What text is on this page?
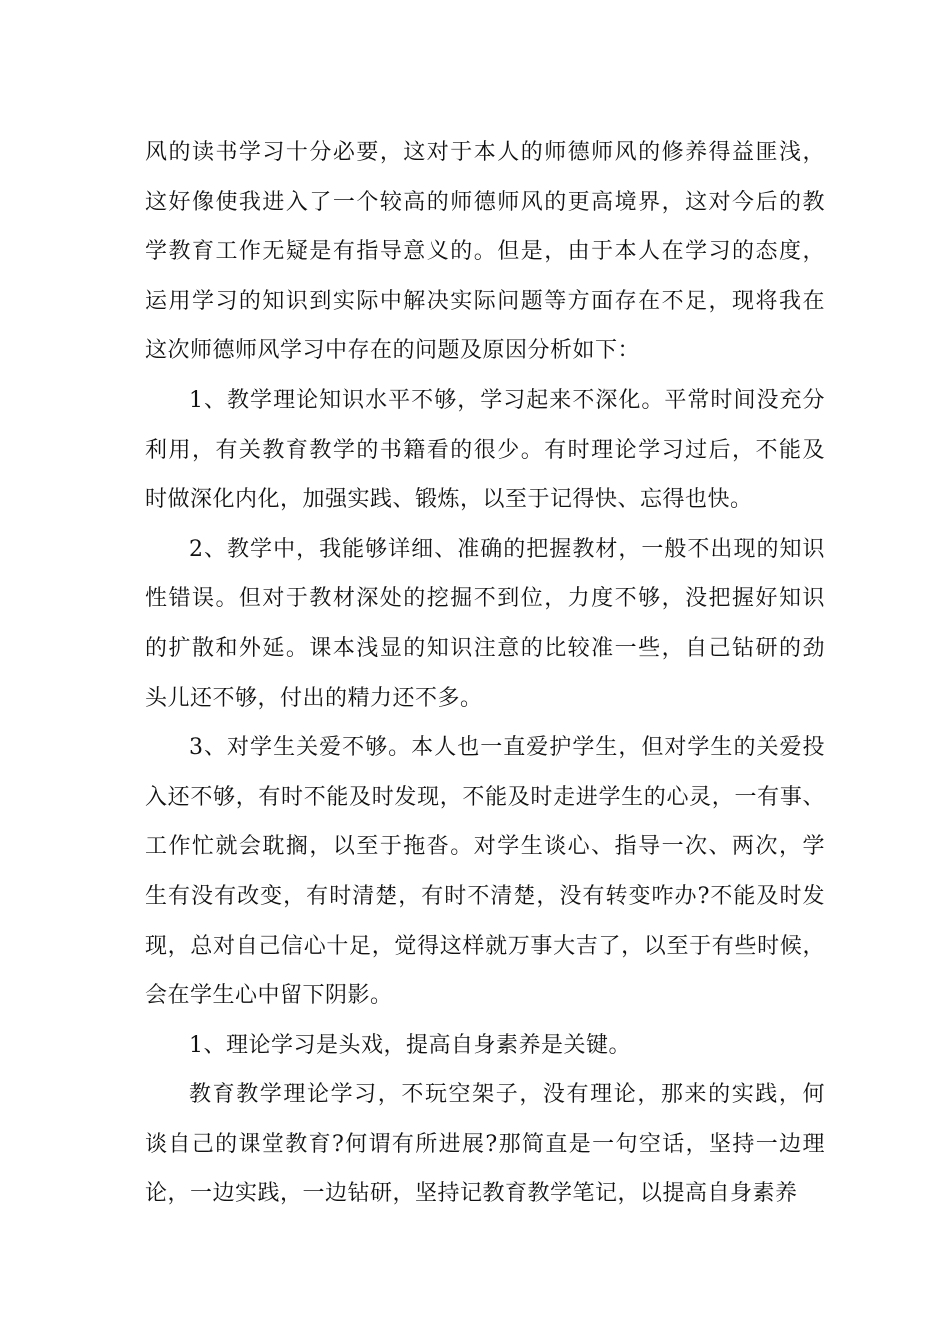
风的读书学习十分必要，这对于本人的师德师风的修养得益匪浅，
这好像使我进入了一个较高的师德师风的更高境界，这对今后的教
学教育工作无疑是有指导意义的。但是，由于本人在学习的态度，
运用学习的知识到实际中解决实际问题等方面存在不足，现将我在
这次师德师风学习中存在的问题及原因分析如下：
1、教学理论知识水平不够，学习起来不深化。平常时间没充分
利用，有关教育教学的书籍看的很少。有时理论学习过后，不能及
时做深化内化，加强实践、锻炼，以至于记得快、忘得也快。
2、教学中，我能够详细、准确的把握教材，一般不出现的知识
性错误。但对于教材深处的挖掘不到位，力度不够，没把握好知识
的扩散和外延。课本浅显的知识注意的比较准一些，自己钻研的劲
头儿还不够，付出的精力还不多。
3、对学生关爱不够。本人也一直爱护学生，但对学生的关爱投
入还不够，有时不能及时发现，不能及时走进学生的心灵，一有事、
工作忙就会耽搁，以至于拖沓。对学生谈心、指导一次、两次，学
生有没有改变，有时清楚，有时不清楚，没有转变咋办?不能及时发
现，总对自己信心十足，觉得这样就万事大吉了，以至于有些时候，
会在学生心中留下阴影。
1、理论学习是头戏，提高自身素养是关键。
教育教学理论学习，不玩空架子，没有理论，那来的实践，何
谈自己的课堂教育?何谓有所进展?那简直是一句空话，坚持一边理
论，一边实践，一边钻研，坚持记教育教学笔记，以提高自身素养
